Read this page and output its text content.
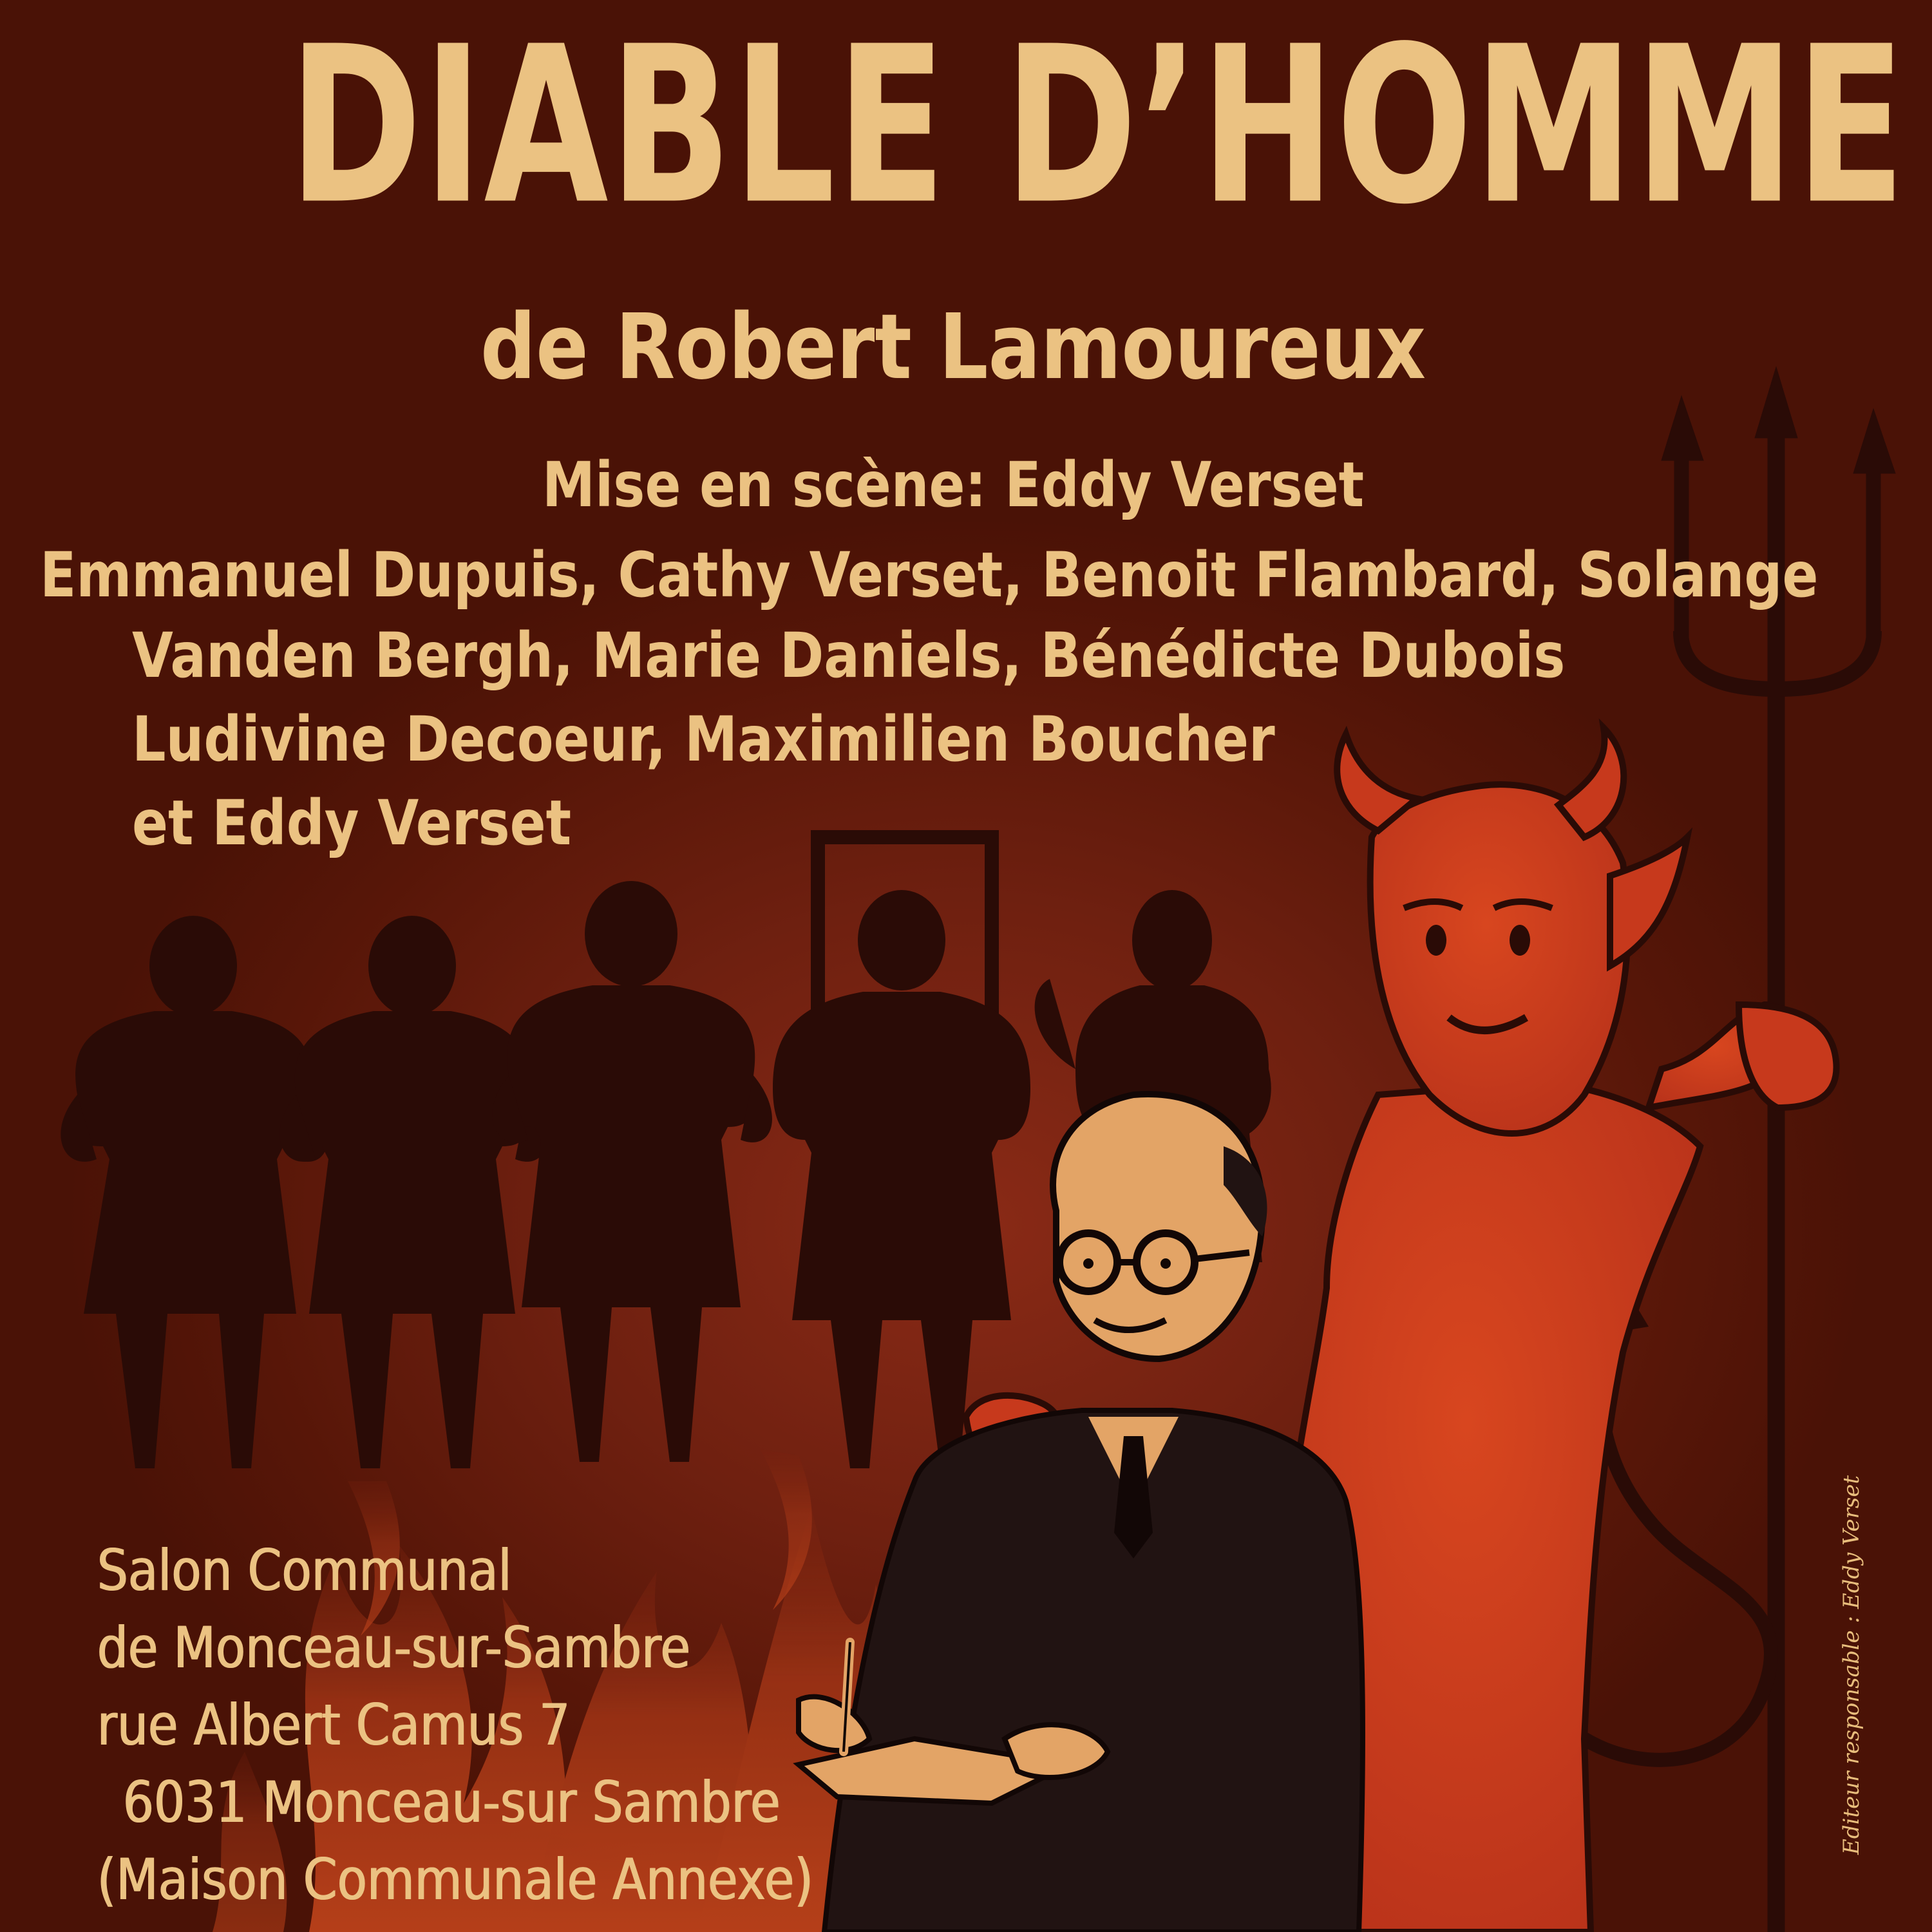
DIABLE D’HOMME

de Robert Lamoureux

Mise en scène: Eddy Verset

Emmanuel Dupuis, Cathy Verset, Benoit Flambard, Solange

Vanden Bergh, Marie Daniels, Bénédicte Dubois

Ludivine Decoeur, Maximilien Boucher

et Eddy Verset

Salon Communal

de Monceau-sur-Sambre

rue Albert Camus 7

6031 Monceau-sur Sambre

(Maison Communale Annexe)

Editeur responsable : Eddy Verset
